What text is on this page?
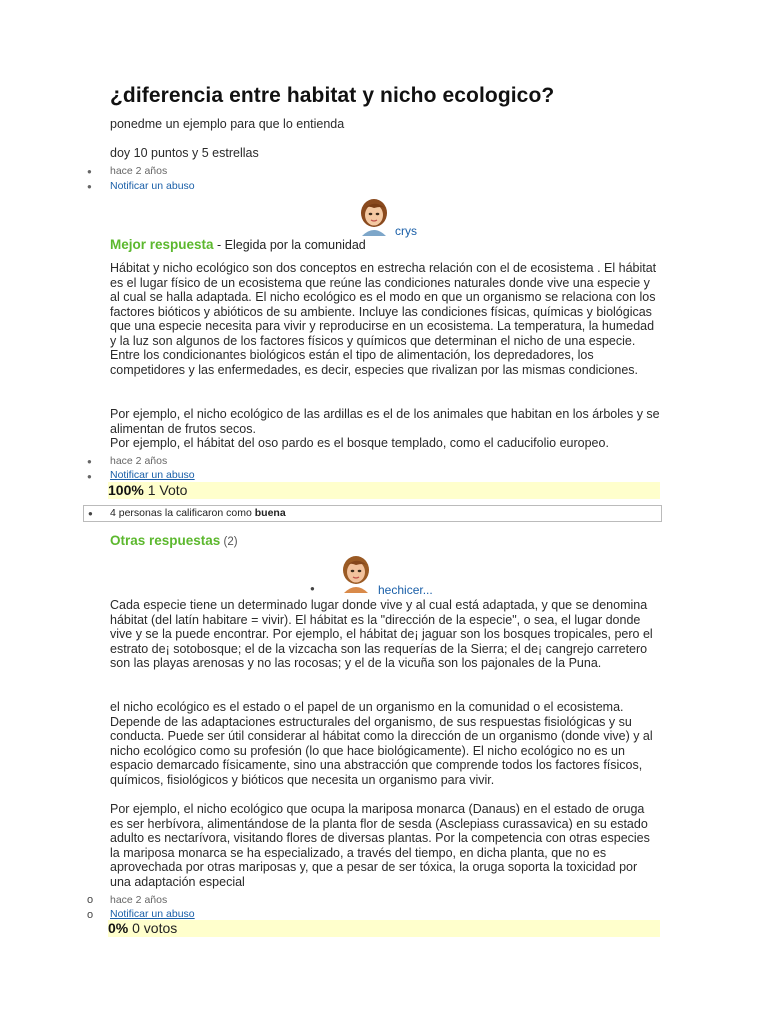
¿diferencia entre habitat y nicho ecologico?
ponedme un ejemplo para que lo entienda
doy 10 puntos y 5 estrellas
● hace 2 años
● Notificar un abuso
crys
Mejor respuesta - Elegida por la comunidad

Hábitat y nicho ecológico son dos conceptos en estrecha relación con el de ecosistema . El hábitat es el lugar físico de un ecosistema que reúne las condiciones naturales donde vive una especie y al cual se halla adaptada. El nicho ecológico es el modo en que un organismo se relaciona con los factores bióticos y abióticos de su ambiente. Incluye las condiciones físicas, químicas y biológicas que una especie necesita para vivir y reproducirse en un ecosistema. La temperatura, la humedad y la luz son algunos de los factores físicos y químicos que determinan el nicho de una especie. Entre los condicionantes biológicos están el tipo de alimentación, los depredadores, los competidores y las enfermedades, es decir, especies que rivalizan por las mismas condiciones.

Por ejemplo, el nicho ecológico de las ardillas es el de los animales que habitan en los árboles y se alimentan de frutos secos.

Por ejemplo, el hábitat del oso pardo es el bosque templado, como el caducifolio europeo.

● hace 2 años
● Notificar un abuso
100% 1 Voto
● 4 personas la calificaron como buena
Otras respuestas (2)
●	hechicer...

Cada especie tiene un determinado lugar donde vive y al cual está adaptada, y que se denomina hábitat (del latín habitare = vivir). El hábitat es la "dirección de la especie", o sea, el lugar donde vive y se la puede encontrar. Por ejemplo, el hábitat de¡ jaguar son los bosques tropicales, pero el estrato de¡ sotobosque; el de la vizcacha son las requerías de la Sierra; el de¡ cangrejo carretero son las playas arenosas y no las rocosas; y el de la vicuña son los pajonales de la Puna.

el nicho ecológico es el estado o el papel de un organismo en la comunidad o el ecosistema. Depende de las adaptaciones estructurales del organismo, de sus respuestas fisiológicas y su conducta. Puede ser útil considerar al hábitat como la dirección de un organismo (donde vive) y al nicho ecológico como su profesión (lo que hace biológicamente). El nicho ecológico no es un espacio demarcado físicamente, sino una abstracción que comprende todos los factores físicos, químicos, fisiológicos y bióticos que necesita un organismo para vivir.

Por ejemplo, el nicho ecológico que ocupa la mariposa monarca (Danaus) en el estado de oruga es ser herbívora, alimentándose de la planta flor de sesda (Asclepiass curassavica) en su estado adulto es nectarívora, visitando flores de diversas plantas. Por la competencia con otras especies la mariposa monarca se ha especializado, a través del tiempo, en dicha planta, que no es aprovechada por otras mariposas y, que a pesar de ser tóxica, la oruga soporta la toxicidad por una adaptación especial

o hace 2 años
o Notificar un abuso
0% 0 votos
